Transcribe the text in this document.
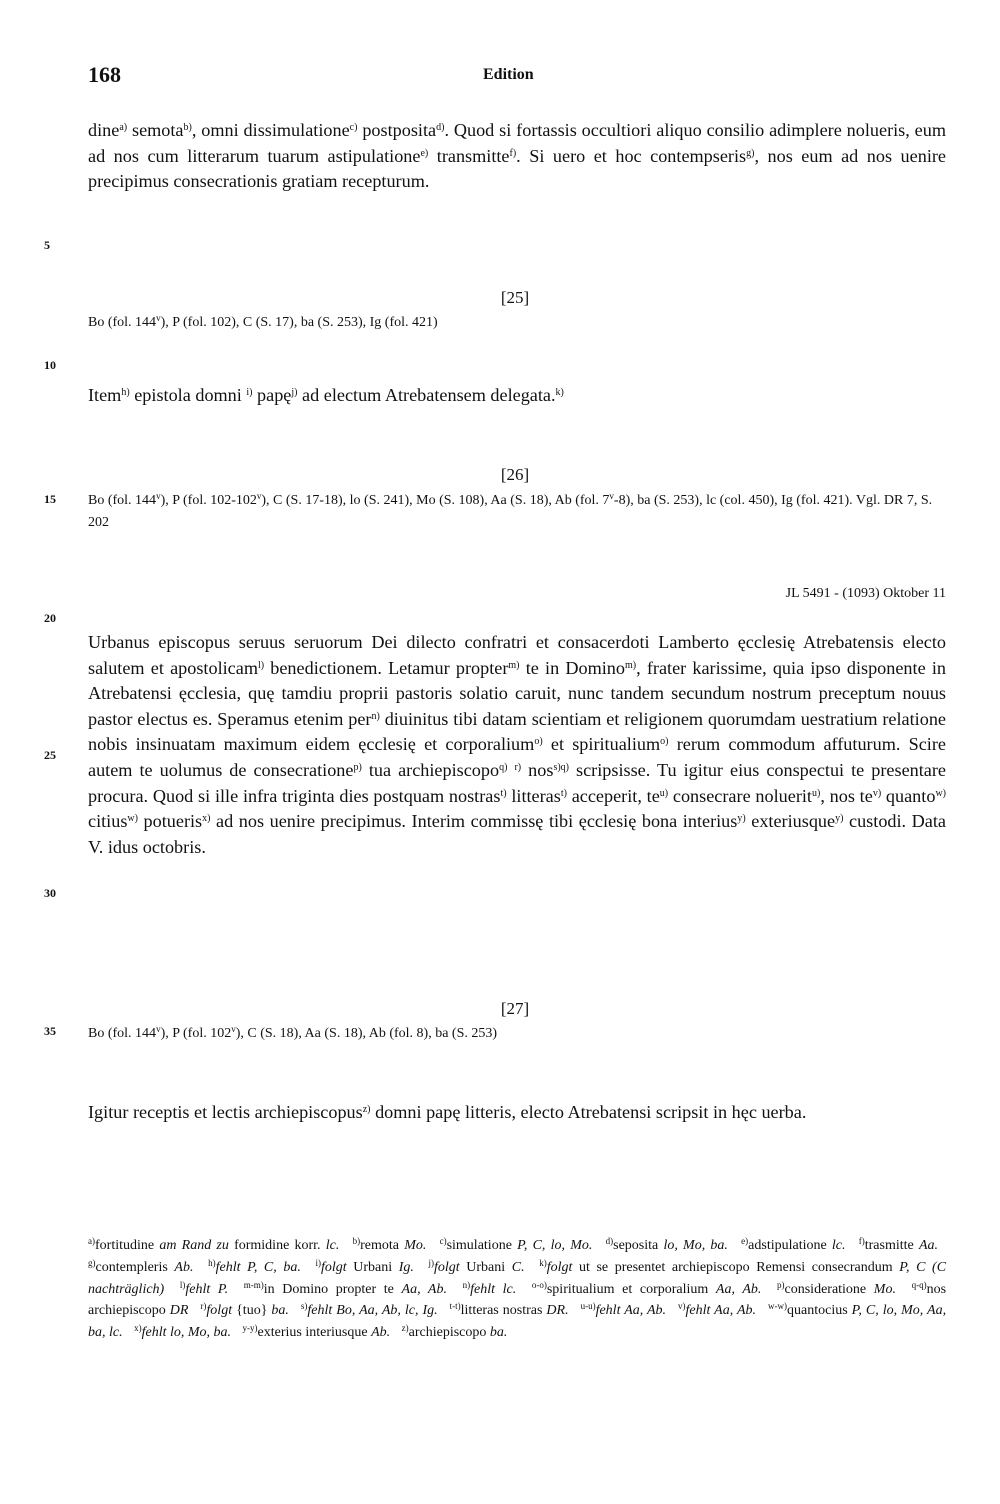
168	Edition
5
10
15
20
25
30
35

dine$^{a)}$ semota$^{b)}$, omni dissimulatione$^{c)}$ postposita$^{d)}$. Quod si fortassis occultiori aliquo consilio adimplere nolueris, eum ad nos cum litterarum tuarum astipulatione$^{e)}$ transmitte$^{f)}$. Si uero et hoc contempseris$^{g)}$, nos eum ad nos uenire precipimus consecrationis gratiam recepturum.

[25]
Bo (fol. 144$^v$), P (fol. 102), C (S. 17), ba (S. 253), Ig (fol. 421)

Item$^{h)}$ epistola domni $^{i)}$ papę$^{j)}$ ad electum Atrebatensem delegata.$^{k)}$

[26]
Bo (fol. 144$^v$), P (fol. 102-102$^v$), C (S. 17-18), lo (S. 241), Mo (S. 108), Aa (S. 18), Ab (fol. 7$^v$-8), ba (S. 253), lc (col. 450), Ig (fol. 421). Vgl. DR 7, S. 202
JL 5491 - (1093) Oktober 11

Urbanus episcopus seruus seruorum Dei dilecto confratri et consacerdoti Lamberto ęcclesię Atrebatensis electo salutem et apostolicam$^{l)}$ benedictionem. Letamur propter$^{m)}$ te in Domino$^{m)}$, frater karissime, quia ipso disponente in Atrebatensi ęcclesia, quę tamdiu proprii pastoris solatio caruit, nunc tandem secundum nostrum preceptum nouus pastor electus es. Speramus etenim per$^{n)}$ diuinitus tibi datam scientiam et religionem quorumdam uestratium relatione nobis insinuatam maximum eidem ęcclesię et corporalium$^{o)}$ et spiritualium$^{o)}$ rerum commodum affuturum. Scire autem te uolumus de consecratione$^{p)}$ tua archiepiscopo$^{q)}$ $^{r)}$ nos$^{s)q)}$ scripsisse. Tu igitur eius conspectui te presentare procura. Quod si ille infra triginta dies postquam nostras$^{t)}$ litteras$^{t)}$ acceperit, $te^{u)}$ consecrare noluerit$^{u)}$, nos $te^{v)}$ quanto$^{w)}$ citius$^{w)}$ potueris$^{x)}$ ad nos uenire precipimus. Interim commissę tibi ęcclesię bona interius$^{y)}$ exteriusque$^{y)}$ custodi. Data V. idus octobris.

[27]
Bo (fol. 144$^v$), P (fol. 102$^v$), C (S. 18), Aa (S. 18), Ab (fol. 8), ba (S. 253)

Igitur receptis et lectis archiepiscopus$^{z)}$ domni papę litteris, electo Atrebatensi scripsit in hęc uerba.

$^{a)}$fortitudine am Rand zu formidine korr. lc. $^{b)}$remota Mo. $^{c)}$simulatione P, C, lo, Mo. $^{d)}$seposita lo, Mo, ba. $^{e)}$adstipulatione lc. $^{f)}$trasmitte Aa. $^{g)}$contempleris Ab. $^{h)}$fehlt P, C, ba. $^{i)}$folgt Urbani Ig. $^{j)}$folgt Urbani C. $^{k)}$folgt ut se presentet archiepiscopo Remensi consecrandum P, C (C nachträglich) $^{l)}$fehlt P. $^{m-m)}$in Domino propter te Aa, Ab. $^{n)}$fehlt lc. $^{o-o)}$spiritualium et corporalium Aa, Ab. $^{p)}$consideratione Mo. $^{q-q)}$nos archiepiscopo DR $^{r)}$folgt {tuo} ba. $^{s)}$fehlt Bo, Aa, Ab, lc, Ig. $^{t-t)}$litteras nostras DR. $^{u-u)}$fehlt Aa, Ab. $^{v)}$fehlt Aa, Ab. $^{w-w)}$quantocius P, C, lo, Mo, Aa, ba, lc. $^{x)}$fehlt lo, Mo, ba. $^{y-y)}$exterius interiusque Ab. $^{z)}$archiepiscopo ba.
